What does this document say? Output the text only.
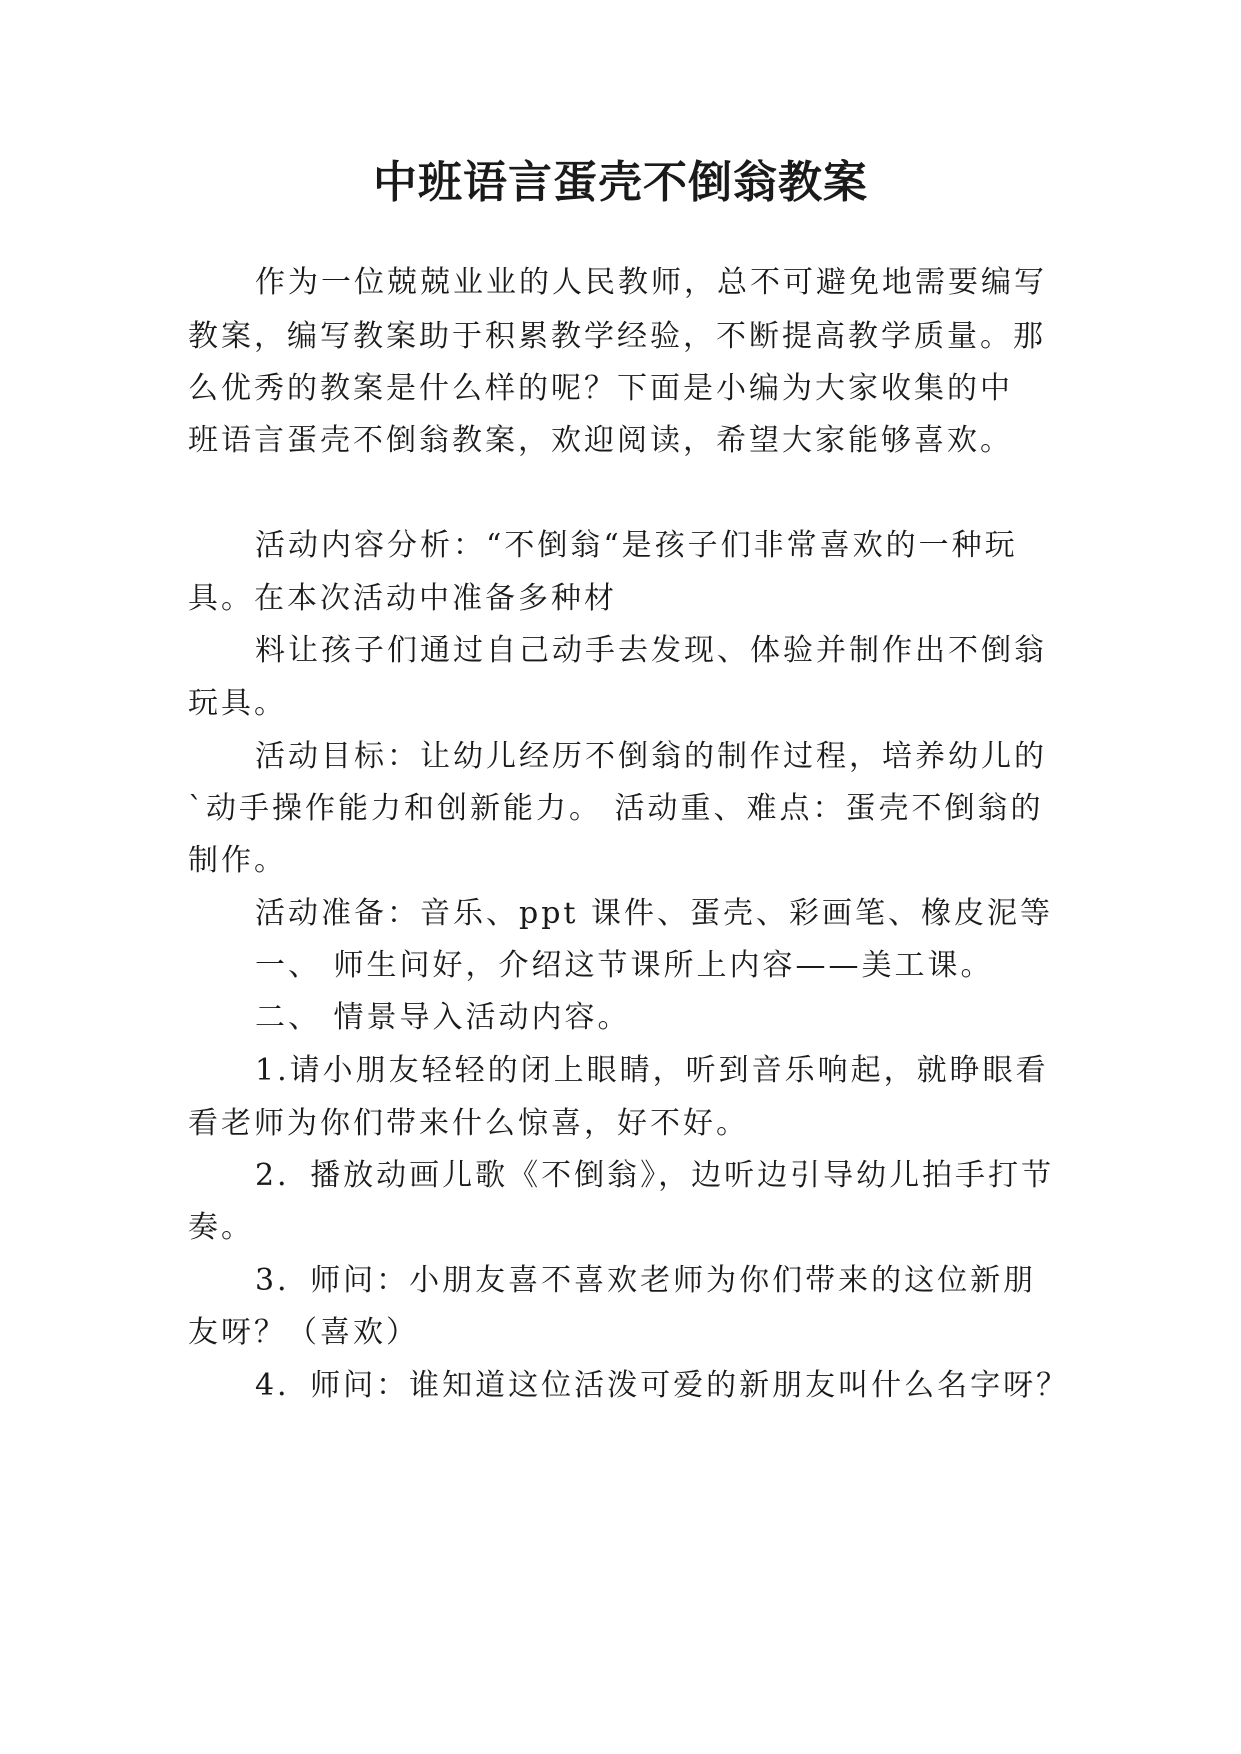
中班语言蛋壳不倒翁教案

作为一位兢兢业业的人民教师，总不可避免地需要编写

教案，编写教案助于积累教学经验，不断提高教学质量。那

么优秀的教案是什么样的呢？下面是小编为大家收集的中

班语言蛋壳不倒翁教案，欢迎阅读，希望大家能够喜欢。

活动内容分析：“不倒翁“是孩子们非常喜欢的一种玩

具。在本次活动中准备多种材

料让孩子们通过自己动手去发现、体验并制作出不倒翁

玩具。

活动目标：让幼儿经历不倒翁的制作过程，培养幼儿的

`动手操作能力和创新能力。 活动重、难点：蛋壳不倒翁的

制作。

活动准备：音乐、ppt 课件、蛋壳、彩画笔、橡皮泥等

一、 师生问好，介绍这节课所上内容——美工课。

二、 情景导入活动内容。

1.请小朋友轻轻的闭上眼睛，听到音乐响起，就睁眼看

看老师为你们带来什么惊喜，好不好。

2．播放动画儿歌《不倒翁》，边听边引导幼儿拍手打节

奏。

3．师问：小朋友喜不喜欢老师为你们带来的这位新朋

友呀？（喜欢）

4．师问：谁知道这位活泼可爱的新朋友叫什么名字呀？
